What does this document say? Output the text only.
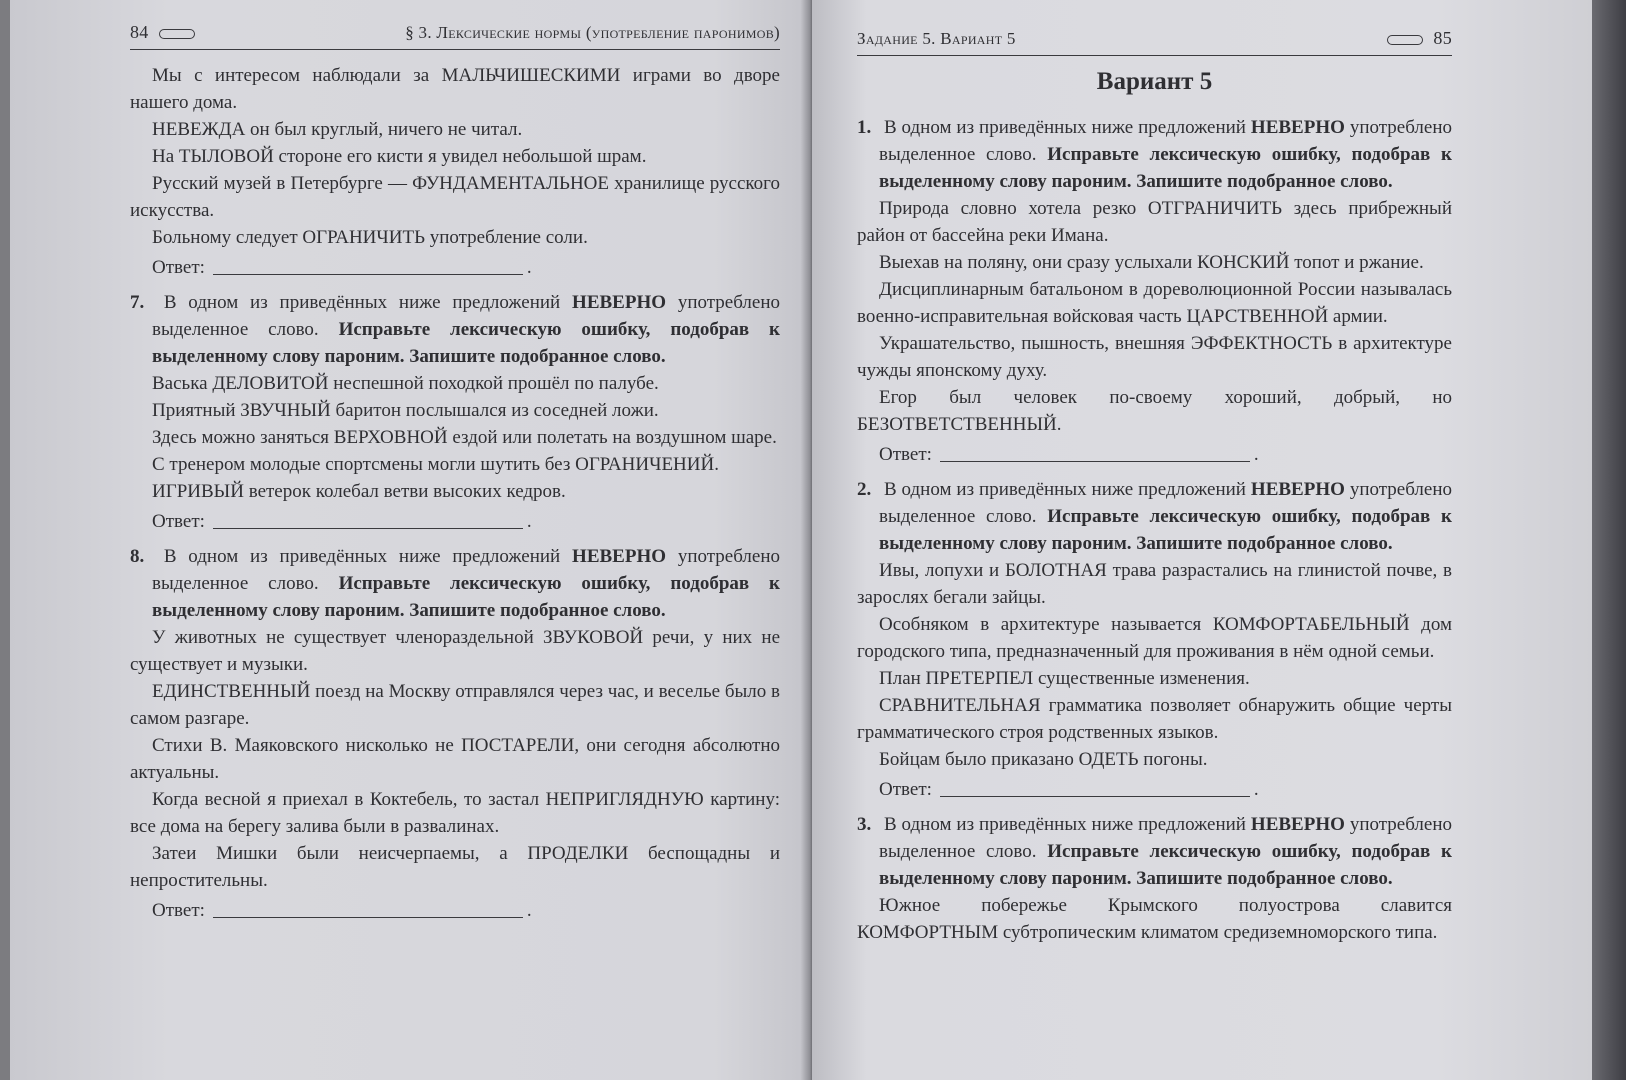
84	§ 3. Лексические нормы (употребление паронимов)

Мы с интересом наблюдали за МАЛЬЧИШЕСКИМИ играми во дворе нашего дома.

НЕВЕЖДА он был круглый, ничего не читал.

На ТЫЛОВОЙ стороне его кисти я увидел небольшой шрам.

Русский музей в Петербурге — ФУНДАМЕНТАЛЬНОЕ хранилище русского искусства.

Больному следует ОГРАНИЧИТЬ употребление соли.

Ответ:	.

7. В одном из приведённых ниже предложений НЕВЕРНО употреблено выделенное слово. Исправьте лексическую ошибку, подобрав к выделенному слову пароним. Запишите подобранное слово.

Васька ДЕЛОВИТОЙ неспешной походкой прошёл по палубе.

Приятный ЗВУЧНЫЙ баритон послышался из соседней ложи.

Здесь можно заняться ВЕРХОВНОЙ ездой или полетать на воздушном шаре.

С тренером молодые спортсмены могли шутить без ОГРАНИЧЕНИЙ.

ИГРИВЫЙ ветерок колебал ветви высоких кедров.

Ответ:	.

8. В одном из приведённых ниже предложений НЕВЕРНО употреблено выделенное слово. Исправьте лексическую ошибку, подобрав к выделенному слову пароним. Запишите подобранное слово.

У животных не существует членораздельной ЗВУКОВОЙ речи, у них не существует и музыки.

ЕДИНСТВЕННЫЙ поезд на Москву отправлялся через час, и веселье было в самом разгаре.

Стихи В. Маяковского нисколько не ПОСТАРЕЛИ, они сегодня абсолютно актуальны.

Когда весной я приехал в Коктебель, то застал НЕПРИГЛЯДНУЮ картину: все дома на берегу залива были в развалинах.

Затеи Мишки были неисчерпаемы, а ПРОДЕЛКИ беспощадны и непростительны.

Ответ:	.
Задание 5. Вариант 5	85
Вариант 5

1. В одном из приведённых ниже предложений НЕВЕРНО употреблено выделенное слово. Исправьте лексическую ошибку, подобрав к выделенному слову пароним. Запишите подобранное слово.

Природа словно хотела резко ОТГРАНИЧИТЬ здесь прибрежный район от бассейна реки Имана.

Выехав на поляну, они сразу услыхали КОНСКИЙ топот и ржание.

Дисциплинарным батальоном в дореволюционной России называлась военно-исправительная войсковая часть ЦАРСТВЕННОЙ армии.

Украшательство, пышность, внешняя ЭФФЕКТНОСТЬ в архитектуре чужды японскому духу.

Егор был человек по-своему хороший, добрый, но БЕЗОТВЕТСТВЕННЫЙ.

Ответ:	.

2. В одном из приведённых ниже предложений НЕВЕРНО употреблено выделенное слово. Исправьте лексическую ошибку, подобрав к выделенному слову пароним. Запишите подобранное слово.

Ивы, лопухи и БОЛОТНАЯ трава разрастались на глинистой почве, в зарослях бегали зайцы.

Особняком в архитектуре называется КОМФОРТАБЕЛЬНЫЙ дом городского типа, предназначенный для проживания в нём одной семьи.

План ПРЕТЕРПЕЛ существенные изменения.

СРАВНИТЕЛЬНАЯ грамматика позволяет обнаружить общие черты грамматического строя родственных языков.

Бойцам было приказано ОДЕТЬ погоны.

Ответ:	.

3. В одном из приведённых ниже предложений НЕВЕРНО употреблено выделенное слово. Исправьте лексическую ошибку, подобрав к выделенному слову пароним. Запишите подобранное слово.

Южное побережье Крымского полуострова славится КОМФОРТНЫМ субтропическим климатом средиземноморского типа.
